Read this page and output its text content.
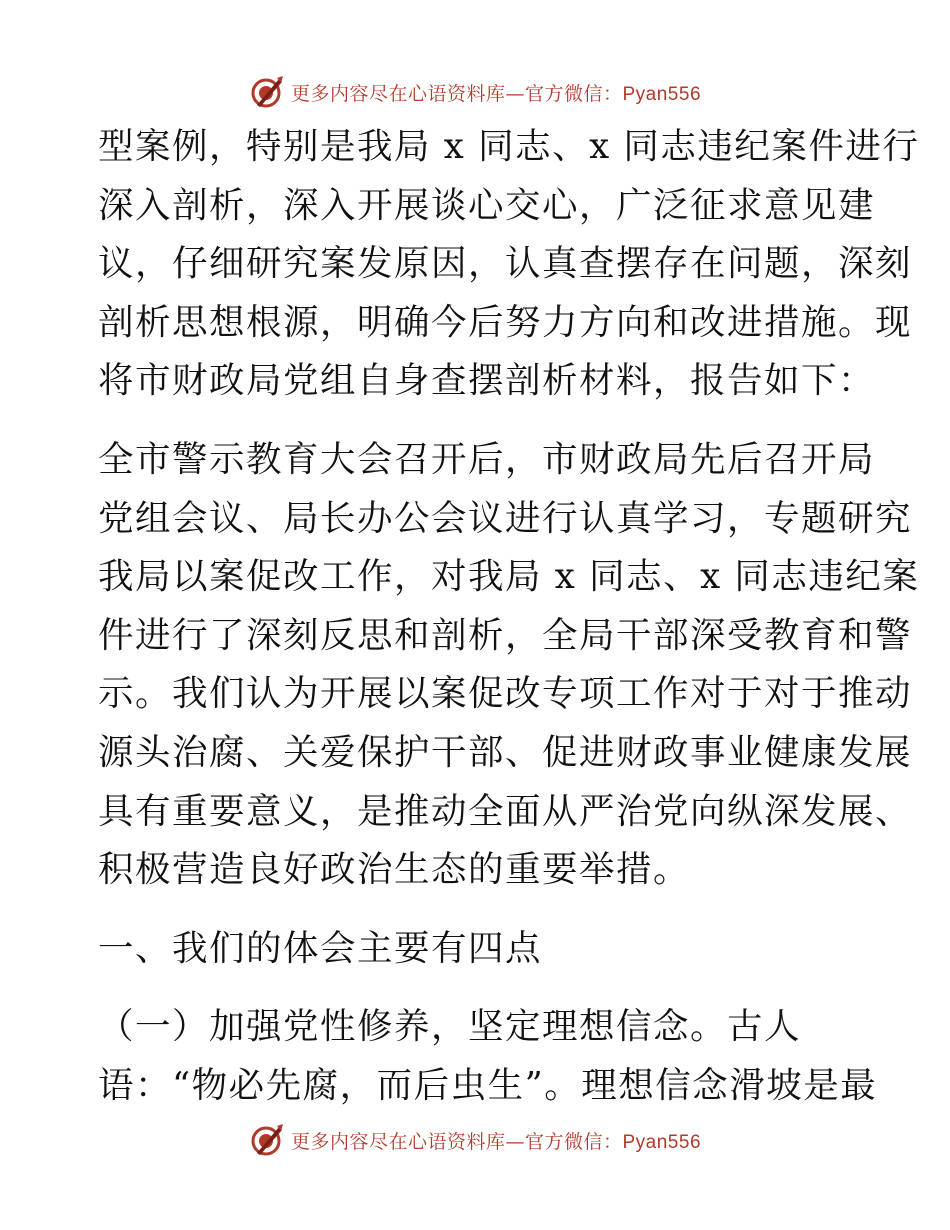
更多内容尽在心语资料库—官方微信：Pyan556

型案例，特别是我局 x 同志、x 同志违纪案件进行

深入剖析，深入开展谈心交心，广泛征求意见建

议，仔细研究案发原因，认真查摆存在问题，深刻

剖析思想根源，明确今后努力方向和改进措施。现

将市财政局党组自身查摆剖析材料，报告如下：

全市警示教育大会召开后，市财政局先后召开局

党组会议、局长办公会议进行认真学习，专题研究

我局以案促改工作，对我局 x 同志、x 同志违纪案

件进行了深刻反思和剖析，全局干部深受教育和警

示。我们认为开展以案促改专项工作对于对于推动

源头治腐、关爱保护干部、促进财政事业健康发展

具有重要意义，是推动全面从严治党向纵深发展、

积极营造良好政治生态的重要举措。

一、我们的体会主要有四点

（一）加强党性修养，坚定理想信念。古人

语：“物必先腐，而后虫生”。理想信念滑坡是最

更多内容尽在心语资料库—官方微信：Pyan556
